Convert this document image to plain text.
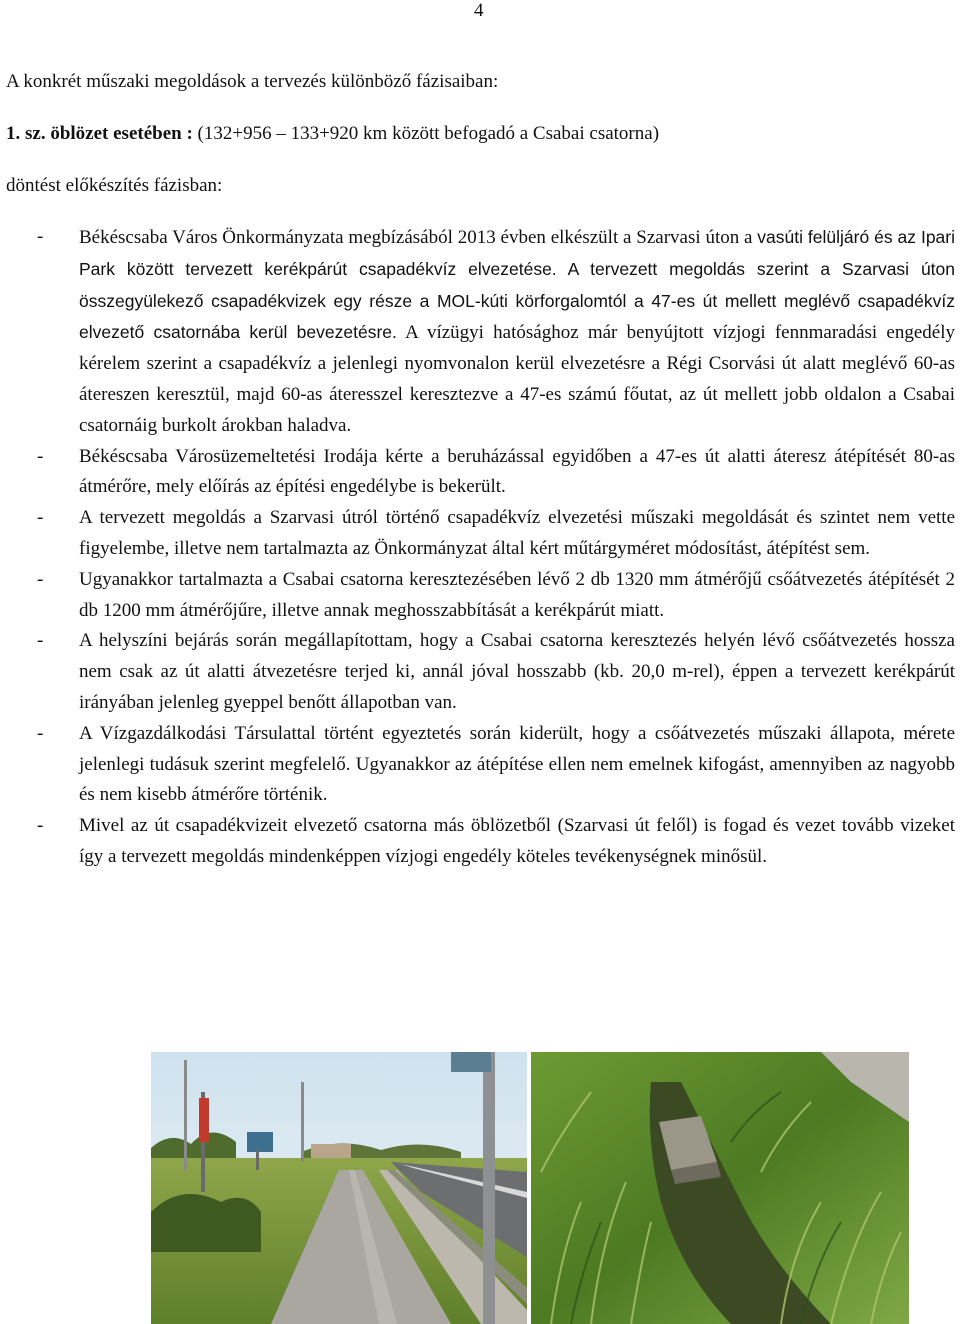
4
A konkrét műszaki megoldások a tervezés különböző fázisaiban:
1. sz. öblözet esetében : (132+956 – 133+920 km között befogadó a Csabai csatorna)
döntést előkészítés fázisban:
- Békéscsaba Város Önkormányzata megbízásából 2013 évben elkészült a Szarvasi úton a vasúti felüljáró és az Ipari Park között tervezett kerékpárút csapadékvíz elvezetése. A tervezett megoldás szerint a Szarvasi úton összegyülekező csapadékvizek egy része a MOL-kúti körforgalomtól a 47-es út mellett meglévő csapadékvíz elvezető csatornába kerül bevezetésre. A vízügyi hatósághoz már benyújtott vízjogi fennmaradási engedély kérelem szerint a csapadékvíz a jelenlegi nyomvonalon kerül elvezetésre a Régi Csorvási út alatt meglévő 60-as átereszen keresztül, majd 60-as áteresszel keresztezve a 47-es számú főutat, az út mellett jobb oldalon a Csabai csatornáig burkolt árokban haladva.
- Békéscsaba Városüzemeltetési Irodája kérte a beruházással egyidőben a 47-es út alatti áteresz átépítését 80-as átmérőre, mely előírás az építési engedélybe is bekerült.
- A tervezett megoldás a Szarvasi útról történő csapadékvíz elvezetési műszaki megoldását és szintet nem vette figyelembe, illetve nem tartalmazta az Önkormányzat által kért műtárgyméret módosítást, átépítést sem.
- Ugyanakkor tartalmazta a Csabai csatorna keresztezésében lévő 2 db 1320 mm átmérőjű csőátvezetés átépítését 2 db 1200 mm átmérőjűre, illetve annak meghosszabbítását a kerékpárút miatt.
- A helyszíni bejárás során megállapítottam, hogy a Csabai csatorna keresztezés helyén lévő csőátvezetés hossza nem csak az út alatti átvezetésre terjed ki, annál jóval hosszabb (kb. 20,0 m-rel), éppen a tervezett kerékpárút irányában jelenleg gyeppel benőtt állapotban van.
- A Vízgazdálkodási Társulattal történt egyeztetés során kiderült, hogy a csőátvezetés műszaki állapota, mérete jelenlegi tudásuk szerint megfelelő. Ugyanakkor az átépítése ellen nem emelnek kifogást, amennyiben az nagyobb és nem kisebb átmérőre történik.
- Mivel az út csapadékvizeit elvezető csatorna más öblözetből (Szarvasi út felől) is fogad és vezet tovább vizeket így a tervezett megoldás mindenképpen vízjogi engedély köteles tevékenységnek minősül.
